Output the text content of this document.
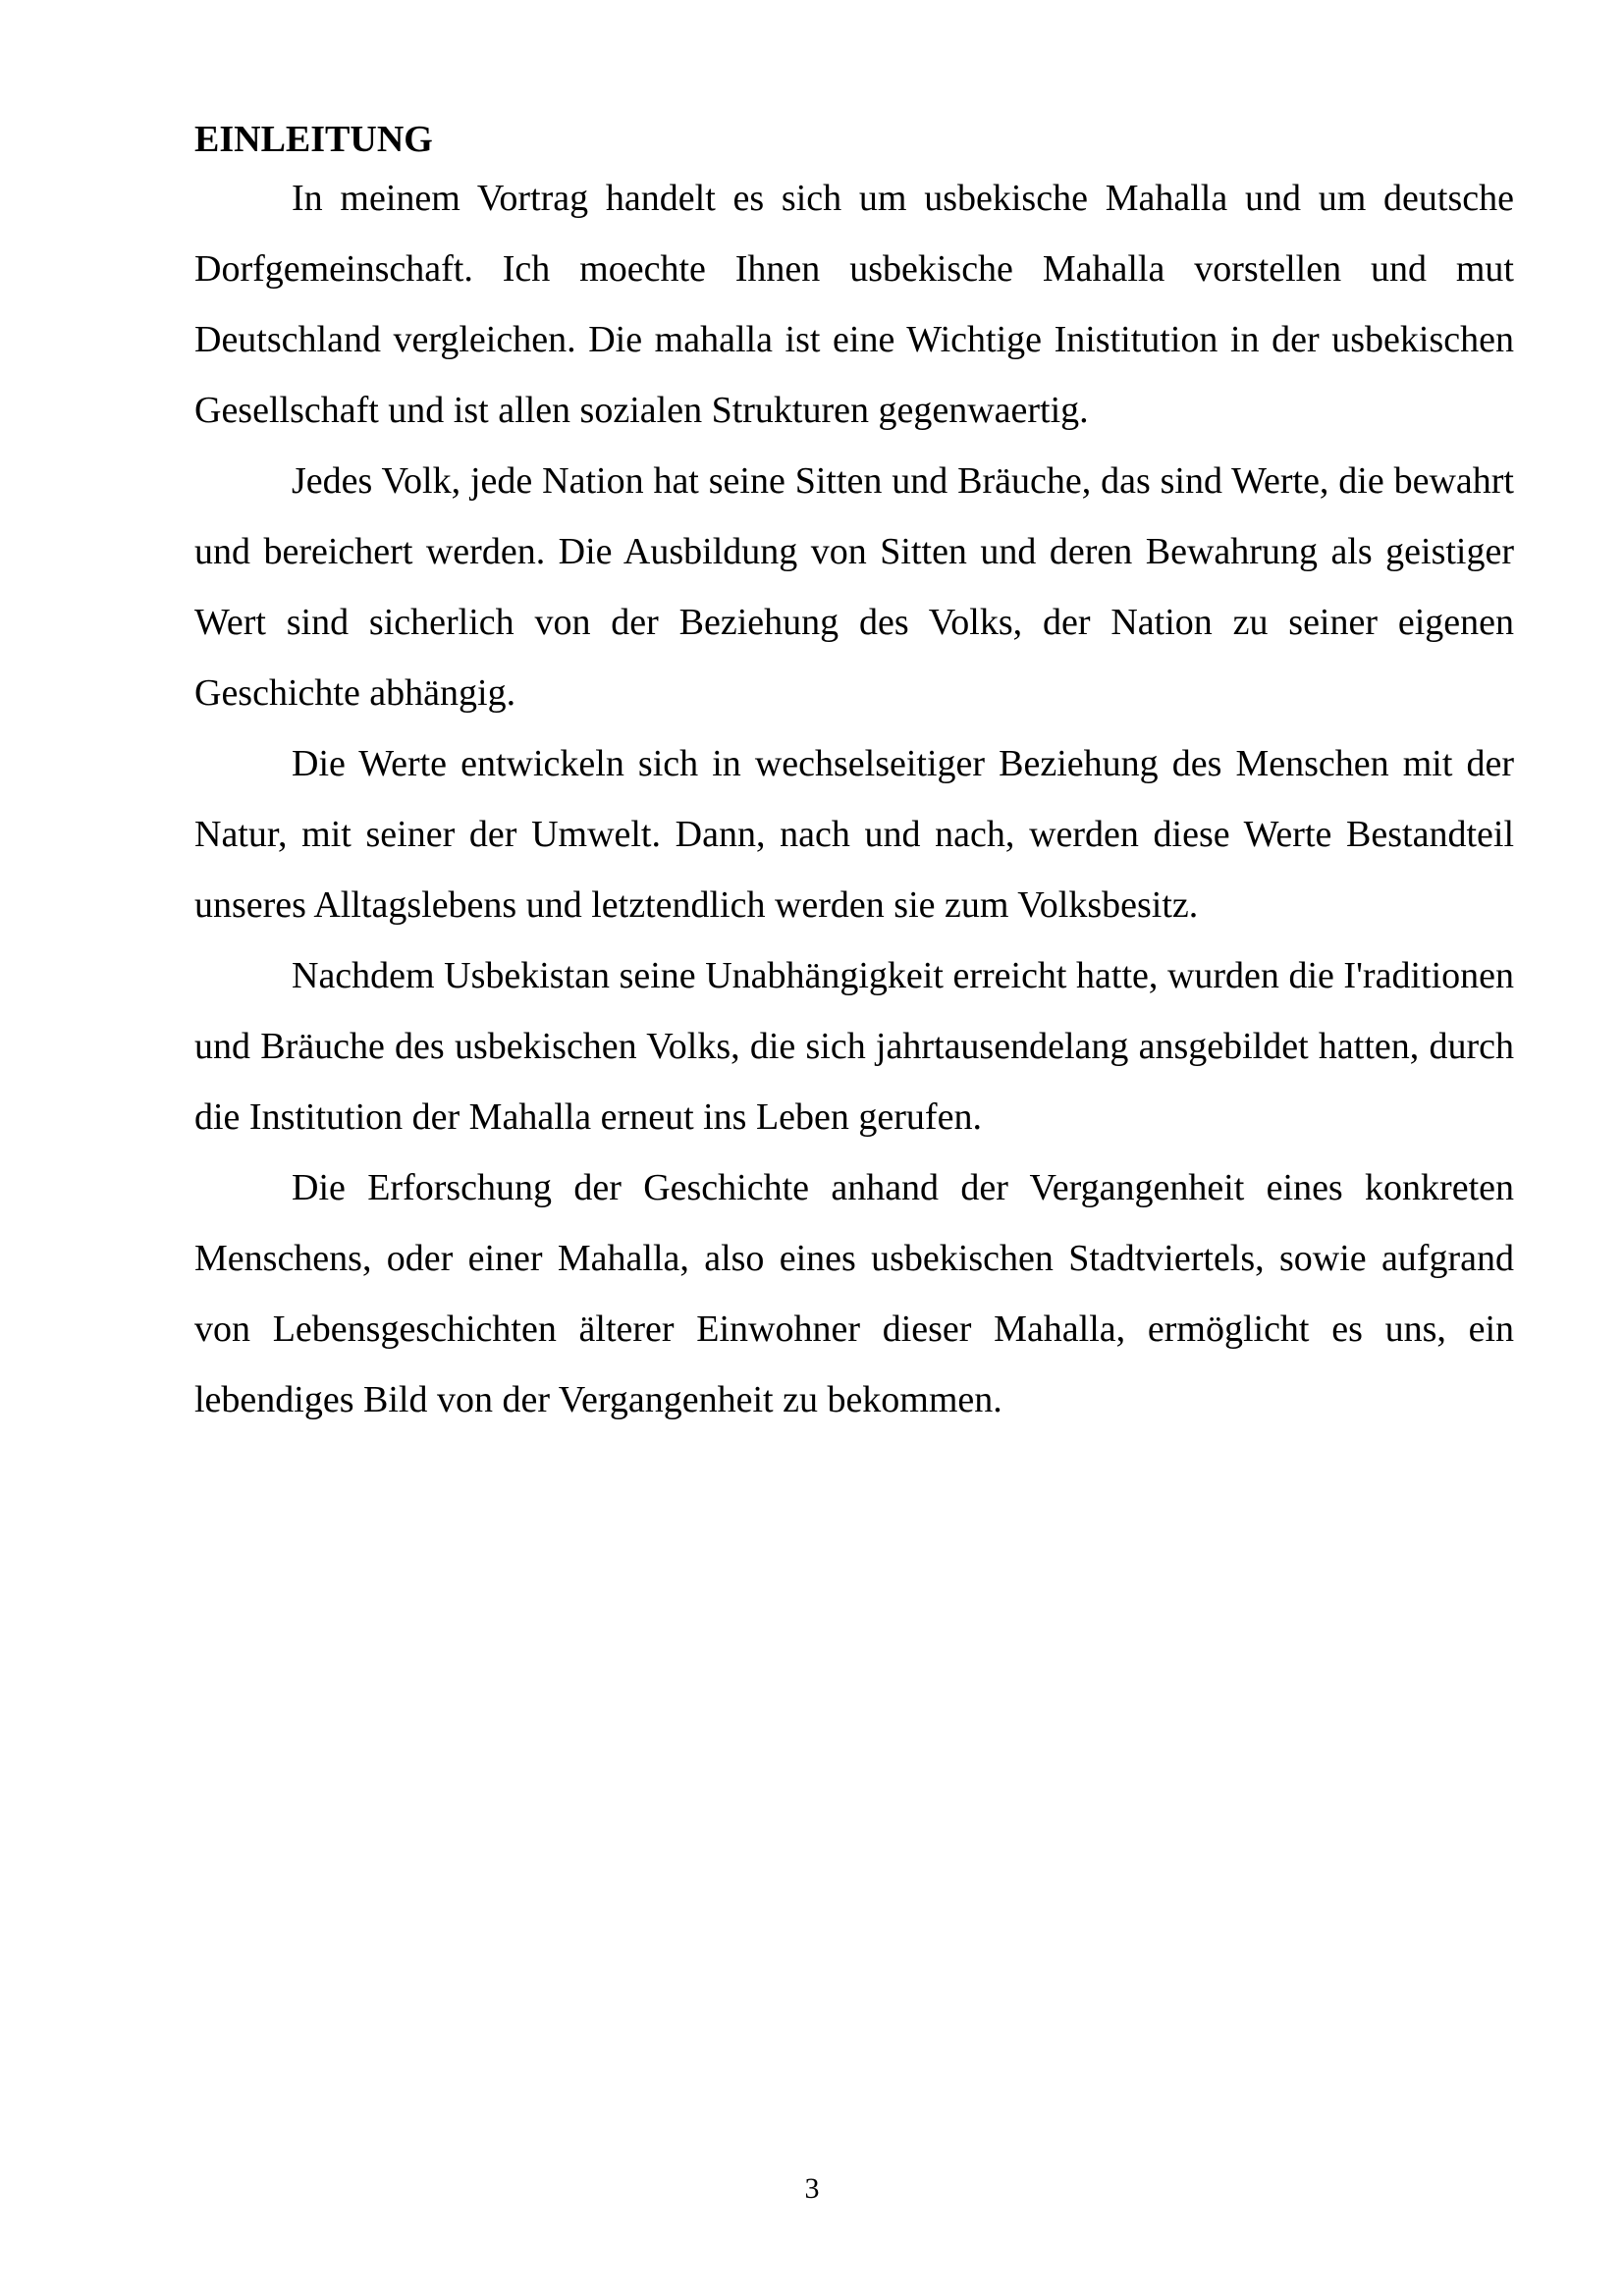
EINLEITUNG

In meinem Vortrag handelt es sich um usbekische Mahalla und um deutsche Dorfgemeinschaft. Ich moechte Ihnen usbekische Mahalla vorstellen und mut Deutschland vergleichen. Die mahalla ist eine Wichtige Inistitution in der usbekischen Gesellschaft und ist allen sozialen Strukturen gegenwaertig.

Jedes Volk, jede Nation hat seine Sitten und Bräuche, das sind Werte, die bewahrt und bereichert werden. Die Ausbildung von Sitten und deren Bewahrung als geistiger Wert sind sicherlich von der Beziehung des Volks, der Nation zu seiner eigenen Geschichte abhängig.

Die Werte entwickeln sich in wechselseitiger Beziehung des Menschen mit der Natur, mit seiner der Umwelt. Dann, nach und nach, werden diese Werte Bestandteil unseres Alltagslebens und letztendlich werden sie zum Volksbesitz.

Nachdem Usbekistan seine Unabhängigkeit erreicht hatte, wurden die I'raditionen und Bräuche des usbekischen Volks, die sich jahrtausendelang ansgebildet hatten, durch die Institution der Mahalla erneut ins Leben gerufen.

Die Erforschung der Geschichte anhand der Vergangenheit eines konkreten Menschens, oder einer Mahalla, also eines usbekischen Stadtviertels, sowie aufgrand von Lebensgeschichten älterer Einwohner dieser Mahalla, ermöglicht es uns, ein lebendiges Bild von der Vergangenheit zu bekommen.

3
